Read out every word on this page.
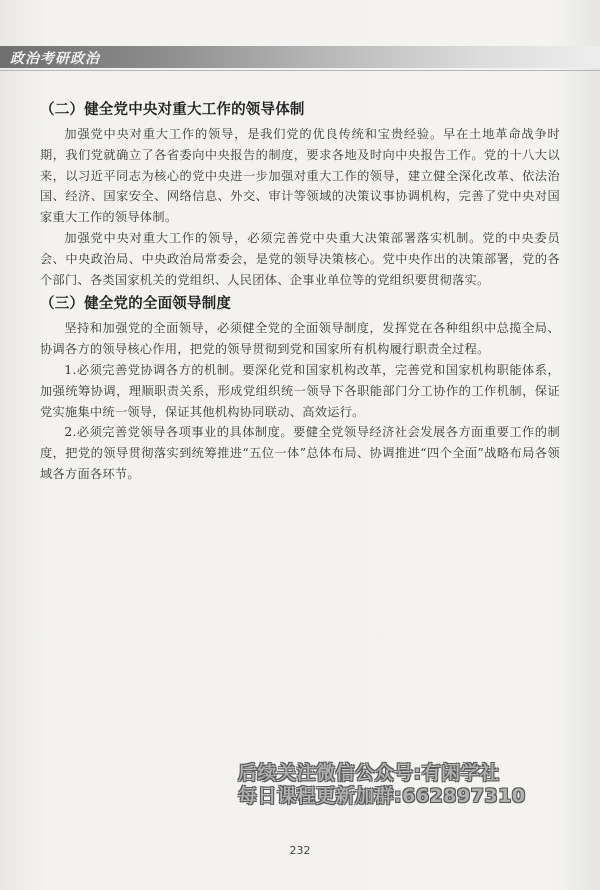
政治考研政治
（二）健全党中央对重大工作的领导体制

加强党中央对重大工作的领导，是我们党的优良传统和宝贵经验。早在土地革命战争时期，我们党就确立了各省委向中央报告的制度，要求各地及时向中央报告工作。党的十八大以来，以习近平同志为核心的党中央进一步加强对重大工作的领导，建立健全深化改革、依法治国、经济、国家安全、网络信息、外交、审计等领域的决策议事协调机构，完善了党中央对国家重大工作的领导体制。

加强党中央对重大工作的领导，必须完善党中央重大决策部署落实机制。党的中央委员会、中央政治局、中央政治局常委会，是党的领导决策核心。党中央作出的决策部署，党的各个部门、各类国家机关的党组织、人民团体、企事业单位等的党组织要贯彻落实。

（三）健全党的全面领导制度

坚持和加强党的全面领导，必须健全党的全面领导制度，发挥党在各种组织中总揽全局、协调各方的领导核心作用，把党的领导贯彻到党和国家所有机构履行职责全过程。

1.必须完善党协调各方的机制。要深化党和国家机构改革，完善党和国家机构职能体系，加强统筹协调，理顺职责关系，形成党组织统一领导下各职能部门分工协作的工作机制，保证党实施集中统一领导，保证其他机构协同联动、高效运行。

2.必须完善党领导各项事业的具体制度。要健全党领导经济社会发展各方面重要工作的制度，把党的领导贯彻落实到统筹推进“五位一体”总体布局、协调推进“四个全面”战略布局各领域各方面各环节。

后续关注微信公众号:有闲学社
每日课程更新加群:662897310
232
